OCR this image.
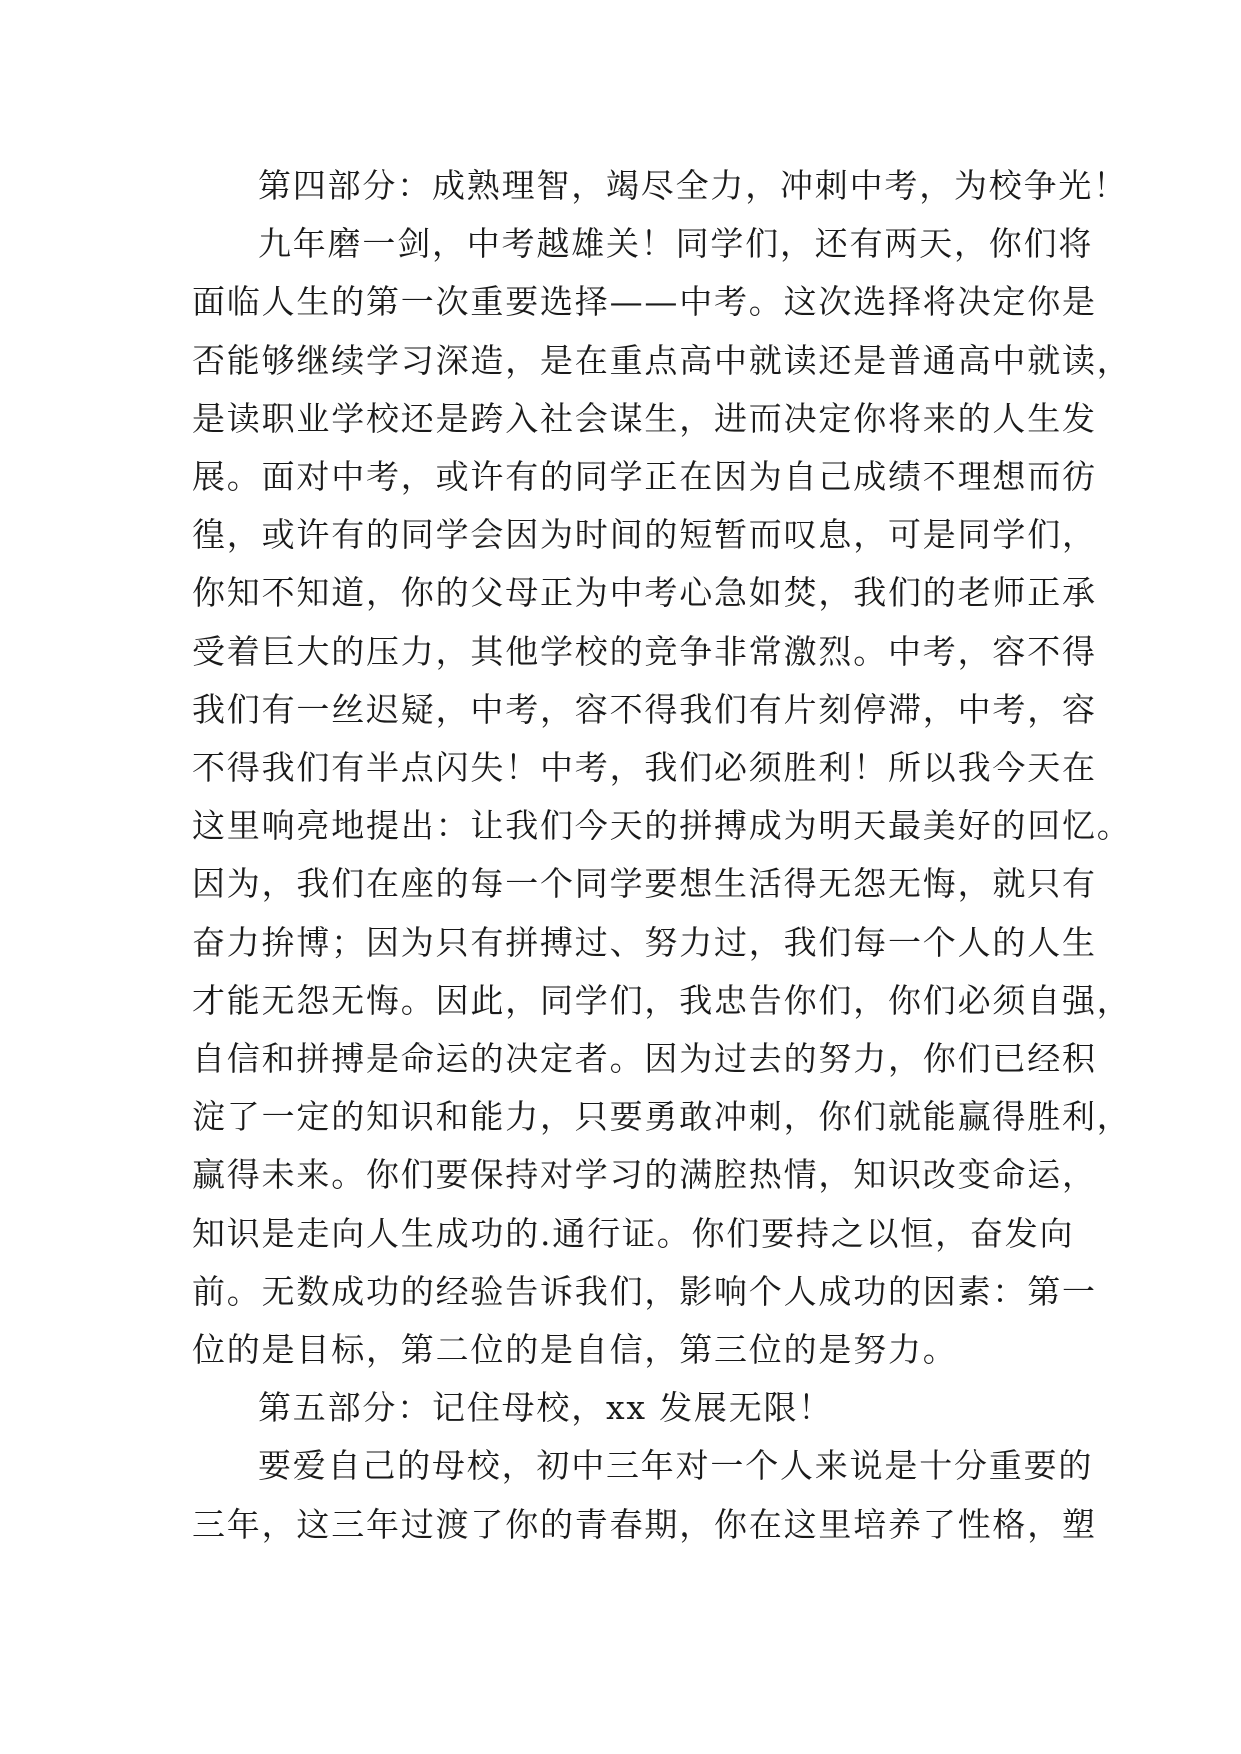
第四部分：成熟理智，竭尽全力，冲刺中考，为校争光！

九年磨一剑，中考越雄关！同学们，还有两天，你们将
面临人生的第一次重要选择——中考。这次选择将决定你是
否能够继续学习深造，是在重点高中就读还是普通高中就读，
是读职业学校还是跨入社会谋生，进而决定你将来的人生发
展。面对中考，或许有的同学正在因为自己成绩不理想而彷
徨，或许有的同学会因为时间的短暂而叹息，可是同学们，
你知不知道，你的父母正为中考心急如焚，我们的老师正承
受着巨大的压力，其他学校的竞争非常激烈。中考，容不得
我们有一丝迟疑，中考，容不得我们有片刻停滞，中考，容
不得我们有半点闪失！中考，我们必须胜利！所以我今天在
这里响亮地提出：让我们今天的拼搏成为明天最美好的回忆。
因为，我们在座的每一个同学要想生活得无怨无悔，就只有
奋力拚博；因为只有拼搏过、努力过，我们每一个人的人生
才能无怨无悔。因此，同学们，我忠告你们，你们必须自强，
自信和拼搏是命运的决定者。因为过去的努力，你们已经积
淀了一定的知识和能力，只要勇敢冲刺，你们就能赢得胜利，
赢得未来。你们要保持对学习的满腔热情，知识改变命运，
知识是走向人生成功的.通行证。你们要持之以恒，奋发向
前。无数成功的经验告诉我们，影响个人成功的因素：第一
位的是目标，第二位的是自信，第三位的是努力。

第五部分：记住母校，xx 发展无限！

要爱自己的母校，初中三年对一个人来说是十分重要的
三年，这三年过渡了你的青春期，你在这里培养了性格，塑
